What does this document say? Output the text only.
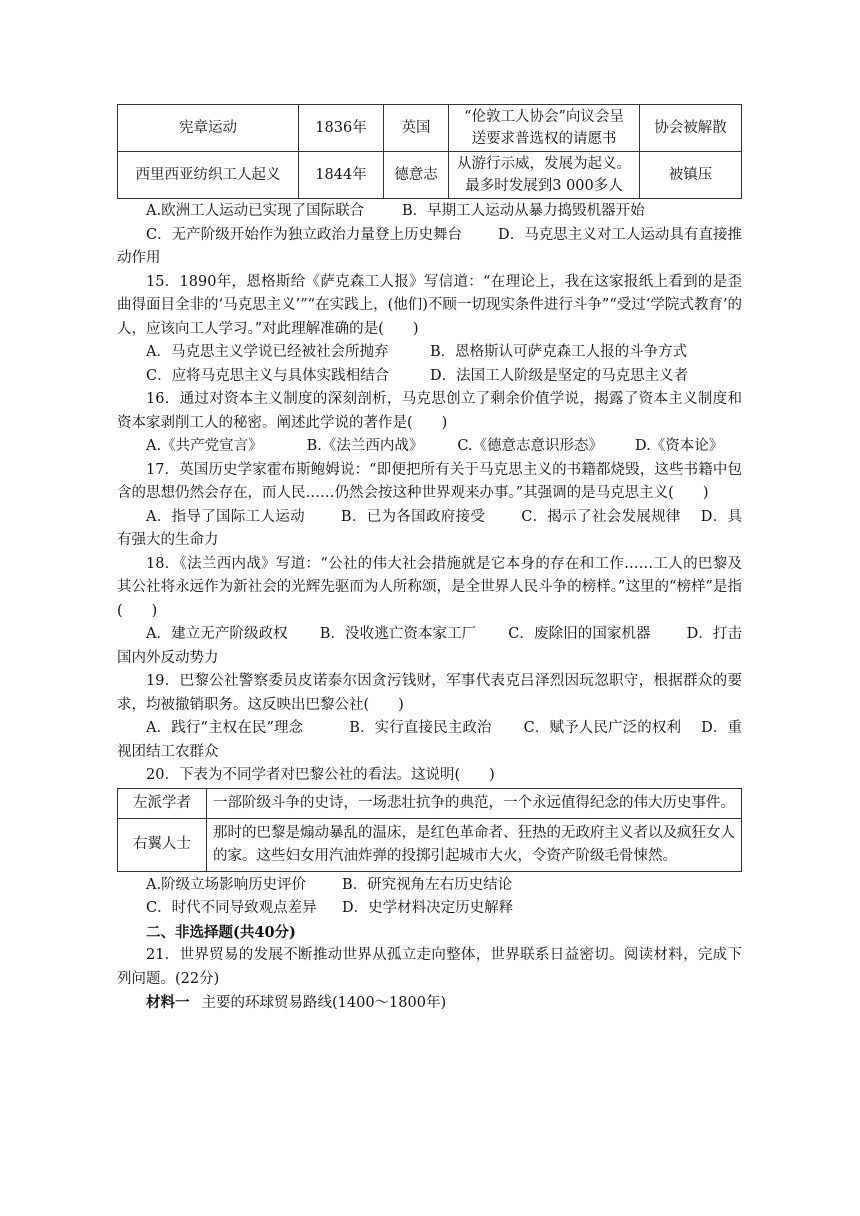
宪章运动	1836年	英国	“伦敦工人协会”向议会呈送要求普选权的请愿书	协会被解散
西里西亚纺织工人起义	1844年	德意志	从游行示威，发展为起义。最多时发展到3 000多人	被镇压
A.欧洲工人运动已实现了国际联合	B．早期工人运动从暴力捣毁机器开始

C．无产阶级开始作为独立政治力量登上历史舞台 D．马克思主义对工人运动具有直接推动作用

15．1890年，恩格斯给《萨克森工人报》写信道：“在理论上，我在这家报纸上看到的是歪曲得面目全非的‘马克思主义’”“在实践上，(他们)不顾一切现实条件进行斗争”“受过‘学院式教育’的人，应该向工人学习。”对此理解准确的是(　　)

A．马克思主义学说已经被社会所抛弃	B．恩格斯认可萨克森工人报的斗争方式
C．应将马克思主义与具体实践相结合	D．法国工人阶级是坚定的马克思主义者

16．通过对资本主义制度的深刻剖析，马克思创立了剩余价值学说，揭露了资本主义制度和资本家剥削工人的秘密。阐述此学说的著作是(　　)

A.《共产党宣言》	B.《法兰西内战》 C.《德意志意识形态》 D.《资本论》

17．英国历史学家霍布斯鲍姆说：“即便把所有关于马克思主义的书籍都烧毁，这些书籍中包含的思想仍然会存在，而人民……仍然会按这种世界观来办事。”其强调的是马克思主义(　　)

A．指导了国际工人运动 B．已为各国政府接受 C．揭示了社会发展规律 D．具有强大的生命力

18．《法兰西内战》写道：“公社的伟大社会措施就是它本身的存在和工作……工人的巴黎及其公社将永远作为新社会的光辉先驱而为人所称颂，是全世界人民斗争的榜样。”这里的“榜样”是指(　　)

A．建立无产阶级政权 B．没收逃亡资本家工厂 C．废除旧的国家机器 D．打击国内外反动势力

19．巴黎公社警察委员皮诺泰尔因贪污钱财，军事代表克吕泽烈因玩忽职守，根据群众的要求，均被撤销职务。这反映出巴黎公社(　　)

A．践行“主权在民”理念	B．实行直接民主政治 C．赋予人民广泛的权利 D．重视团结工农群众

20．下表为不同学者对巴黎公社的看法。这说明(　　)

左派学者	一部阶级斗争的史诗，一场悲壮抗争的典范，一个永远值得纪念的伟大历史事件。
右翼人士	那时的巴黎是煽动暴乱的温床，是红色革命者、狂热的无政府主义者以及疯狂女人的家。这些妇女用汽油炸弹的投掷引起城市大火，令资产阶级毛骨悚然。
A.阶级立场影响历史评价	B．研究视角左右历史结论
C．时代不同导致观点差异	D．史学材料决定历史解释
二、非选择题(共40分)

21．世界贸易的发展不断推动世界从孤立走向整体，世界联系日益密切。阅读材料，完成下列问题。(22分)

材料一 主要的环球贸易路线(1400～1800年)
